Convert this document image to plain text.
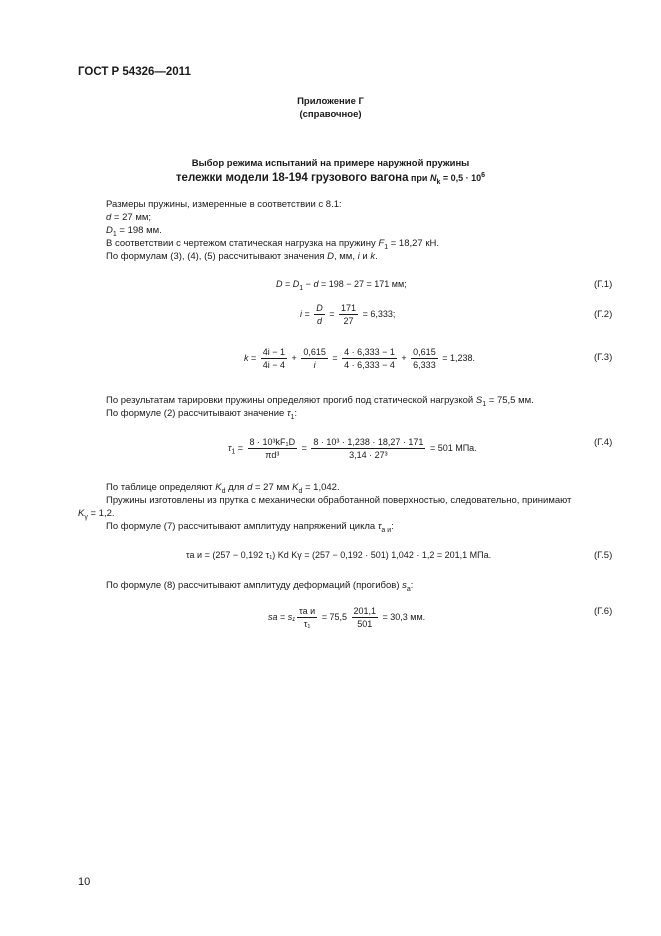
ГОСТ Р 54326—2011
Приложение Г
(справочное)
Выбор режима испытаний на примере наружной пружины
тележки модели 18-194 грузового вагона при $N_k = 0,5 \cdot 10^6$
Размеры пружины, измеренные в соответствии с 8.1:
d = 27 мм;
$D_1 = 198$ мм.
В соответствии с чертежом статическая нагрузка на пружину $F_1 = 18,27$ кН.
По формулам (3), (4), (5) рассчитывают значения D, мм, i и k.
$D = D_1 - d = 198 - 27 = 171$ мм;	(Г.1)
$i = \frac{D}{d} = \frac{171}{27} = 6,333$;	(Г.2)
$k = \frac{4i - 1}{4i - 4} + \frac{0,615}{i} = \frac{4 \cdot 6,333 - 1}{4 \cdot 6,333 - 4} + \frac{0,615}{6,333} = 1,238$.	(Г.3)
По результатам тарировки пружины определяют прогиб под статической нагрузкой $S_1 = 75,5$ мм.
По формуле (2) рассчитывают значение $\tau_1$:
$\tau_1 = \frac{\text{8 · 10³kF₁D}}{\text{πd³}} = \frac{\text{8 · 10³ · 1,238 · 18,27 · 171}}{\text{3,14 · 27³}} = 501$ МПа.	(Г.4)
По таблице определяют $K_d$ для d = 27 мм $K_d = 1,042$.
Пружины изготовлены из прутка с механически обработанной поверхностью, следовательно, принимают
$K_\gamma = 1,2$.
По формуле (7) рассчитывают амплитуду напряжений цикла $\tau_{а и}$:
τа и = (257 − 0,192 τ₁) Kd Kγ = (257 − 0,192 · 501) 1,042 · 1,2 = 201,1 МПа.	(Г.5)
По формуле (8) рассчитывают амплитуду деформаций (прогибов) $s_а$:
sа = $s_1 \frac{\text{τа и}}{\text{τ₁}} = 75,5 \frac{201,1}{501} = 30,3$ мм.	(Г.6)
10
